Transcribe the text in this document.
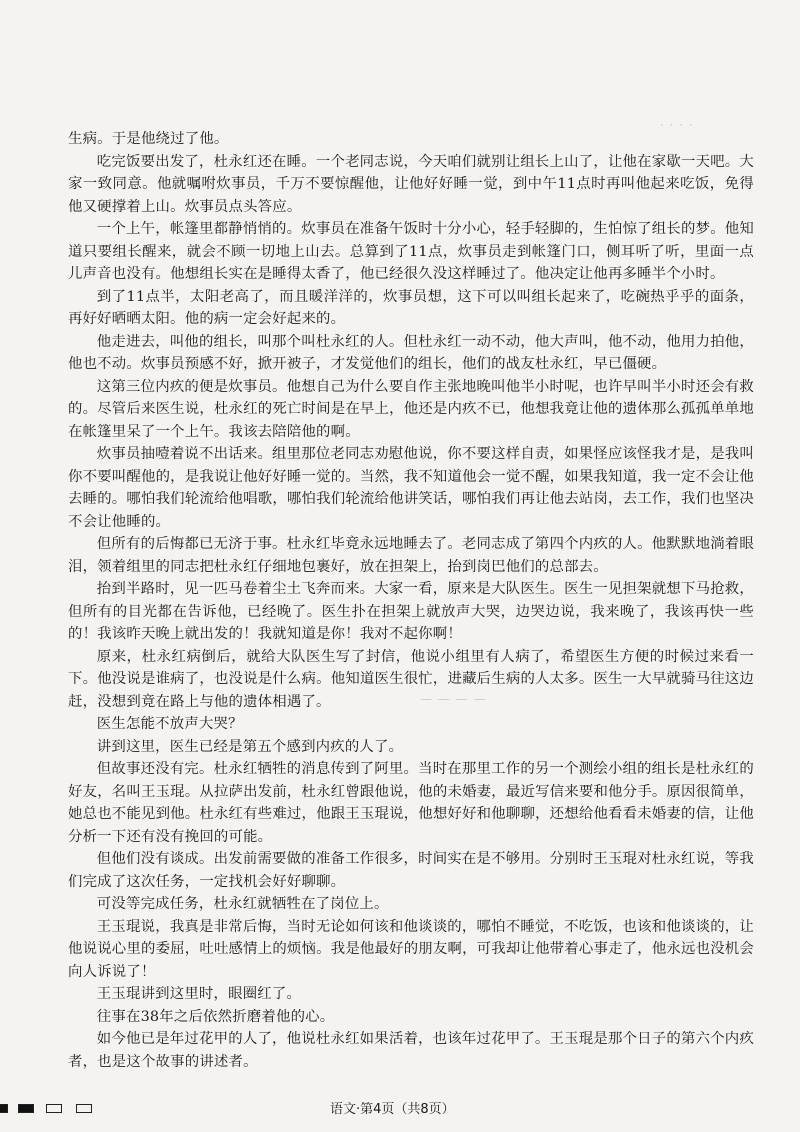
· · · ·
— — — —

生病。于是他绕过了他。

吃完饭要出发了，杜永红还在睡。一个老同志说，今天咱们就别让组长上山了，让他在家歇一天吧。大家一致同意。他就嘱咐炊事员，千万不要惊醒他，让他好好睡一觉，到中午11点时再叫他起来吃饭，免得他又硬撑着上山。炊事员点头答应。

一个上午，帐篷里都静悄悄的。炊事员在准备午饭时十分小心，轻手轻脚的，生怕惊了组长的梦。他知道只要组长醒来，就会不顾一切地上山去。总算到了11点，炊事员走到帐篷门口，侧耳听了听，里面一点儿声音也没有。他想组长实在是睡得太香了，他已经很久没这样睡过了。他决定让他再多睡半个小时。

到了11点半，太阳老高了，而且暖洋洋的，炊事员想，这下可以叫组长起来了，吃碗热乎乎的面条，再好好晒晒太阳。他的病一定会好起来的。

他走进去，叫他的组长，叫那个叫杜永红的人。但杜永红一动不动，他大声叫，他不动，他用力拍他，他也不动。炊事员预感不好，掀开被子，才发觉他们的组长，他们的战友杜永红，早已僵硬。

这第三位内疚的便是炊事员。他想自己为什么要自作主张地晚叫他半小时呢，也许早叫半小时还会有救的。尽管后来医生说，杜永红的死亡时间是在早上，他还是内疚不已，他想我竟让他的遗体那么孤孤单单地在帐篷里呆了一个上午。我该去陪陪他的啊。

炊事员抽噎着说不出话来。组里那位老同志劝慰他说，你不要这样自责，如果怪应该怪我才是，是我叫你不要叫醒他的，是我说让他好好睡一觉的。当然，我不知道他会一觉不醒，如果我知道，我一定不会让他去睡的。哪怕我们轮流给他唱歌，哪怕我们轮流给他讲笑话，哪怕我们再让他去站岗，去工作，我们也坚决不会让他睡的。

但所有的后悔都已无济于事。杜永红毕竟永远地睡去了。老同志成了第四个内疚的人。他默默地淌着眼泪，领着组里的同志把杜永红仔细地包裹好，放在担架上，抬到岗巴他们的总部去。

抬到半路时，见一匹马卷着尘土飞奔而来。大家一看，原来是大队医生。医生一见担架就想下马抢救，但所有的目光都在告诉他，已经晚了。医生扑在担架上就放声大哭，边哭边说，我来晚了，我该再快一些的！我该昨天晚上就出发的！我就知道是你！我对不起你啊！

原来，杜永红病倒后，就给大队医生写了封信，他说小组里有人病了，希望医生方便的时候过来看一下。他没说是谁病了，也没说是什么病。他知道医生很忙，进藏后生病的人太多。医生一大早就骑马往这边赶，没想到竟在路上与他的遗体相遇了。

医生怎能不放声大哭？

讲到这里，医生已经是第五个感到内疚的人了。

但故事还没有完。杜永红牺牲的消息传到了阿里。当时在那里工作的另一个测绘小组的组长是杜永红的好友，名叫王玉琨。从拉萨出发前，杜永红曾跟他说，他的未婚妻，最近写信来要和他分手。原因很简单，她总也不能见到他。杜永红有些难过，他跟王玉琨说，他想好好和他聊聊，还想给他看看未婚妻的信，让他分析一下还有没有挽回的可能。

但他们没有谈成。出发前需要做的准备工作很多，时间实在是不够用。分别时王玉琨对杜永红说，等我们完成了这次任务，一定找机会好好聊聊。

可没等完成任务，杜永红就牺牲在了岗位上。

王玉琨说，我真是非常后悔，当时无论如何该和他谈谈的，哪怕不睡觉，不吃饭，也该和他谈谈的，让他说说心里的委屈，吐吐感情上的烦恼。我是他最好的朋友啊，可我却让他带着心事走了，他永远也没机会向人诉说了！

王玉琨讲到这里时，眼圈红了。

往事在38年之后依然折磨着他的心。

如今他已是年过花甲的人了，他说杜永红如果活着，也该年过花甲了。王玉琨是那个日子的第六个内疚者，也是这个故事的讲述者。

语文·第4页（共8页）
